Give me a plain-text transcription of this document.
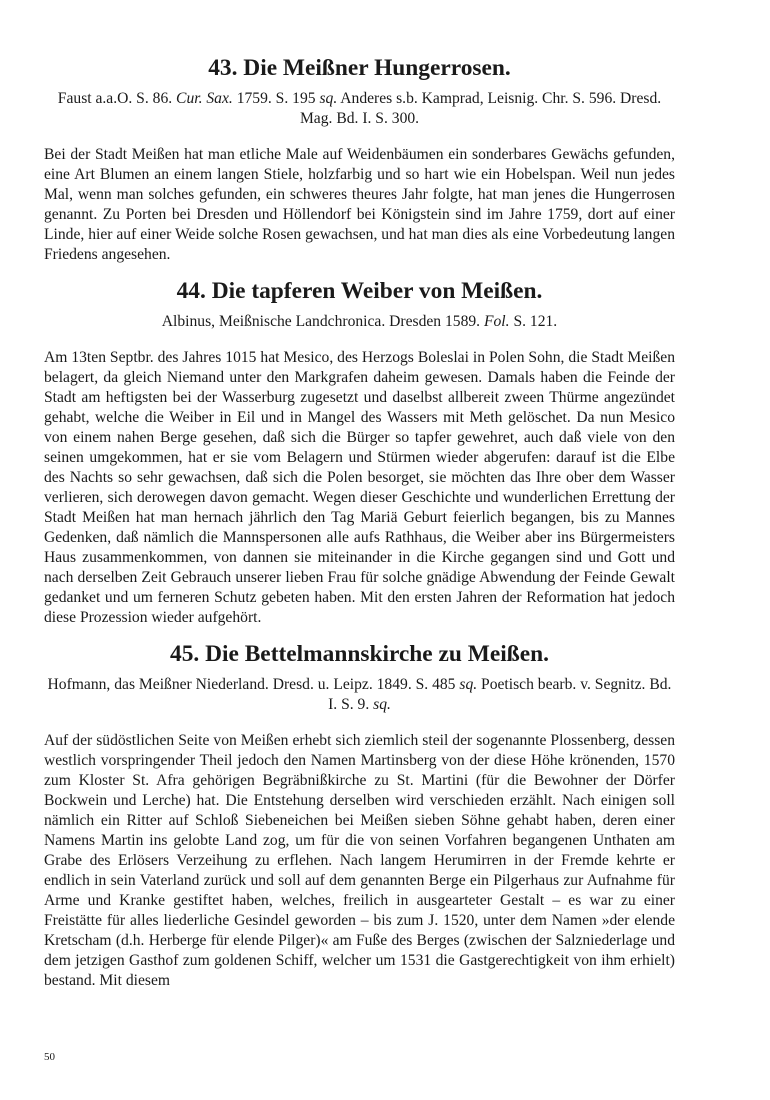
43. Die Meißner Hungerrosen.

Faust a.a.O. S. 86. Cur. Sax. 1759. S. 195 sq. Anderes s.b. Kamprad, Leisnig. Chr. S. 596. Dresd. Mag. Bd. I. S. 300.

Bei der Stadt Meißen hat man etliche Male auf Weidenbäumen ein sonderbares Gewächs gefunden, eine Art Blumen an einem langen Stiele, holzfarbig und so hart wie ein Hobelspan. Weil nun jedes Mal, wenn man solches gefunden, ein schweres theures Jahr folgte, hat man jenes die Hungerrosen genannt. Zu Porten bei Dresden und Höllendorf bei Königstein sind im Jahre 1759, dort auf einer Linde, hier auf einer Weide solche Rosen gewachsen, und hat man dies als eine Vorbedeutung langen Friedens angesehen.

44. Die tapferen Weiber von Meißen.

Albinus, Meißnische Landchronica. Dresden 1589. Fol. S. 121.

Am 13ten Septbr. des Jahres 1015 hat Mesico, des Herzogs Boleslai in Polen Sohn, die Stadt Meißen belagert, da gleich Niemand unter den Markgrafen daheim gewesen. Damals haben die Feinde der Stadt am heftigsten bei der Wasserburg zugesetzt und daselbst allbereit zween Thürme angezündet gehabt, welche die Weiber in Eil und in Mangel des Wassers mit Meth gelöschet. Da nun Mesico von einem nahen Berge gesehen, daß sich die Bürger so tapfer gewehret, auch daß viele von den seinen umgekommen, hat er sie vom Belagern und Stürmen wieder abgerufen: darauf ist die Elbe des Nachts so sehr gewachsen, daß sich die Polen besorget, sie möchten das Ihre ober dem Wasser verlieren, sich derowegen davon gemacht. Wegen dieser Geschichte und wunderlichen Errettung der Stadt Meißen hat man hernach jährlich den Tag Mariä Geburt feierlich begangen, bis zu Mannes Gedenken, daß nämlich die Mannspersonen alle aufs Rathhaus, die Weiber aber ins Bürgermeisters Haus zusammenkommen, von dannen sie miteinander in die Kirche gegangen sind und Gott und nach derselben Zeit Gebrauch unserer lieben Frau für solche gnädige Abwendung der Feinde Gewalt gedanket und um ferneren Schutz gebeten haben. Mit den ersten Jahren der Reformation hat jedoch diese Prozession wieder aufgehört.

45. Die Bettelmannskirche zu Meißen.

Hofmann, das Meißner Niederland. Dresd. u. Leipz. 1849. S. 485 sq. Poetisch bearb. v. Segnitz. Bd. I. S. 9. sq.

Auf der südöstlichen Seite von Meißen erhebt sich ziemlich steil der sogenannte Plossenberg, dessen westlich vorspringender Theil jedoch den Namen Martinsberg von der diese Höhe krönenden, 1570 zum Kloster St. Afra gehörigen Begräbnißkirche zu St. Martini (für die Bewohner der Dörfer Bockwein und Lerche) hat. Die Entstehung derselben wird verschieden erzählt. Nach einigen soll nämlich ein Ritter auf Schloß Siebeneichen bei Meißen sieben Söhne gehabt haben, deren einer Namens Martin ins gelobte Land zog, um für die von seinen Vorfahren begangenen Unthaten am Grabe des Erlösers Verzeihung zu erflehen. Nach langem Herumirren in der Fremde kehrte er endlich in sein Vaterland zurück und soll auf dem genannten Berge ein Pilgerhaus zur Aufnahme für Arme und Kranke gestiftet haben, welches, freilich in ausgearteter Gestalt – es war zu einer Freistätte für alles liederliche Gesindel geworden – bis zum J. 1520, unter dem Namen »der elende Kretscham (d.h. Herberge für elende Pilger)« am Fuße des Berges (zwischen der Salzniederlage und dem jetzigen Gasthof zum goldenen Schiff, welcher um 1531 die Gastgerechtigkeit von ihm erhielt) bestand. Mit diesem

50
